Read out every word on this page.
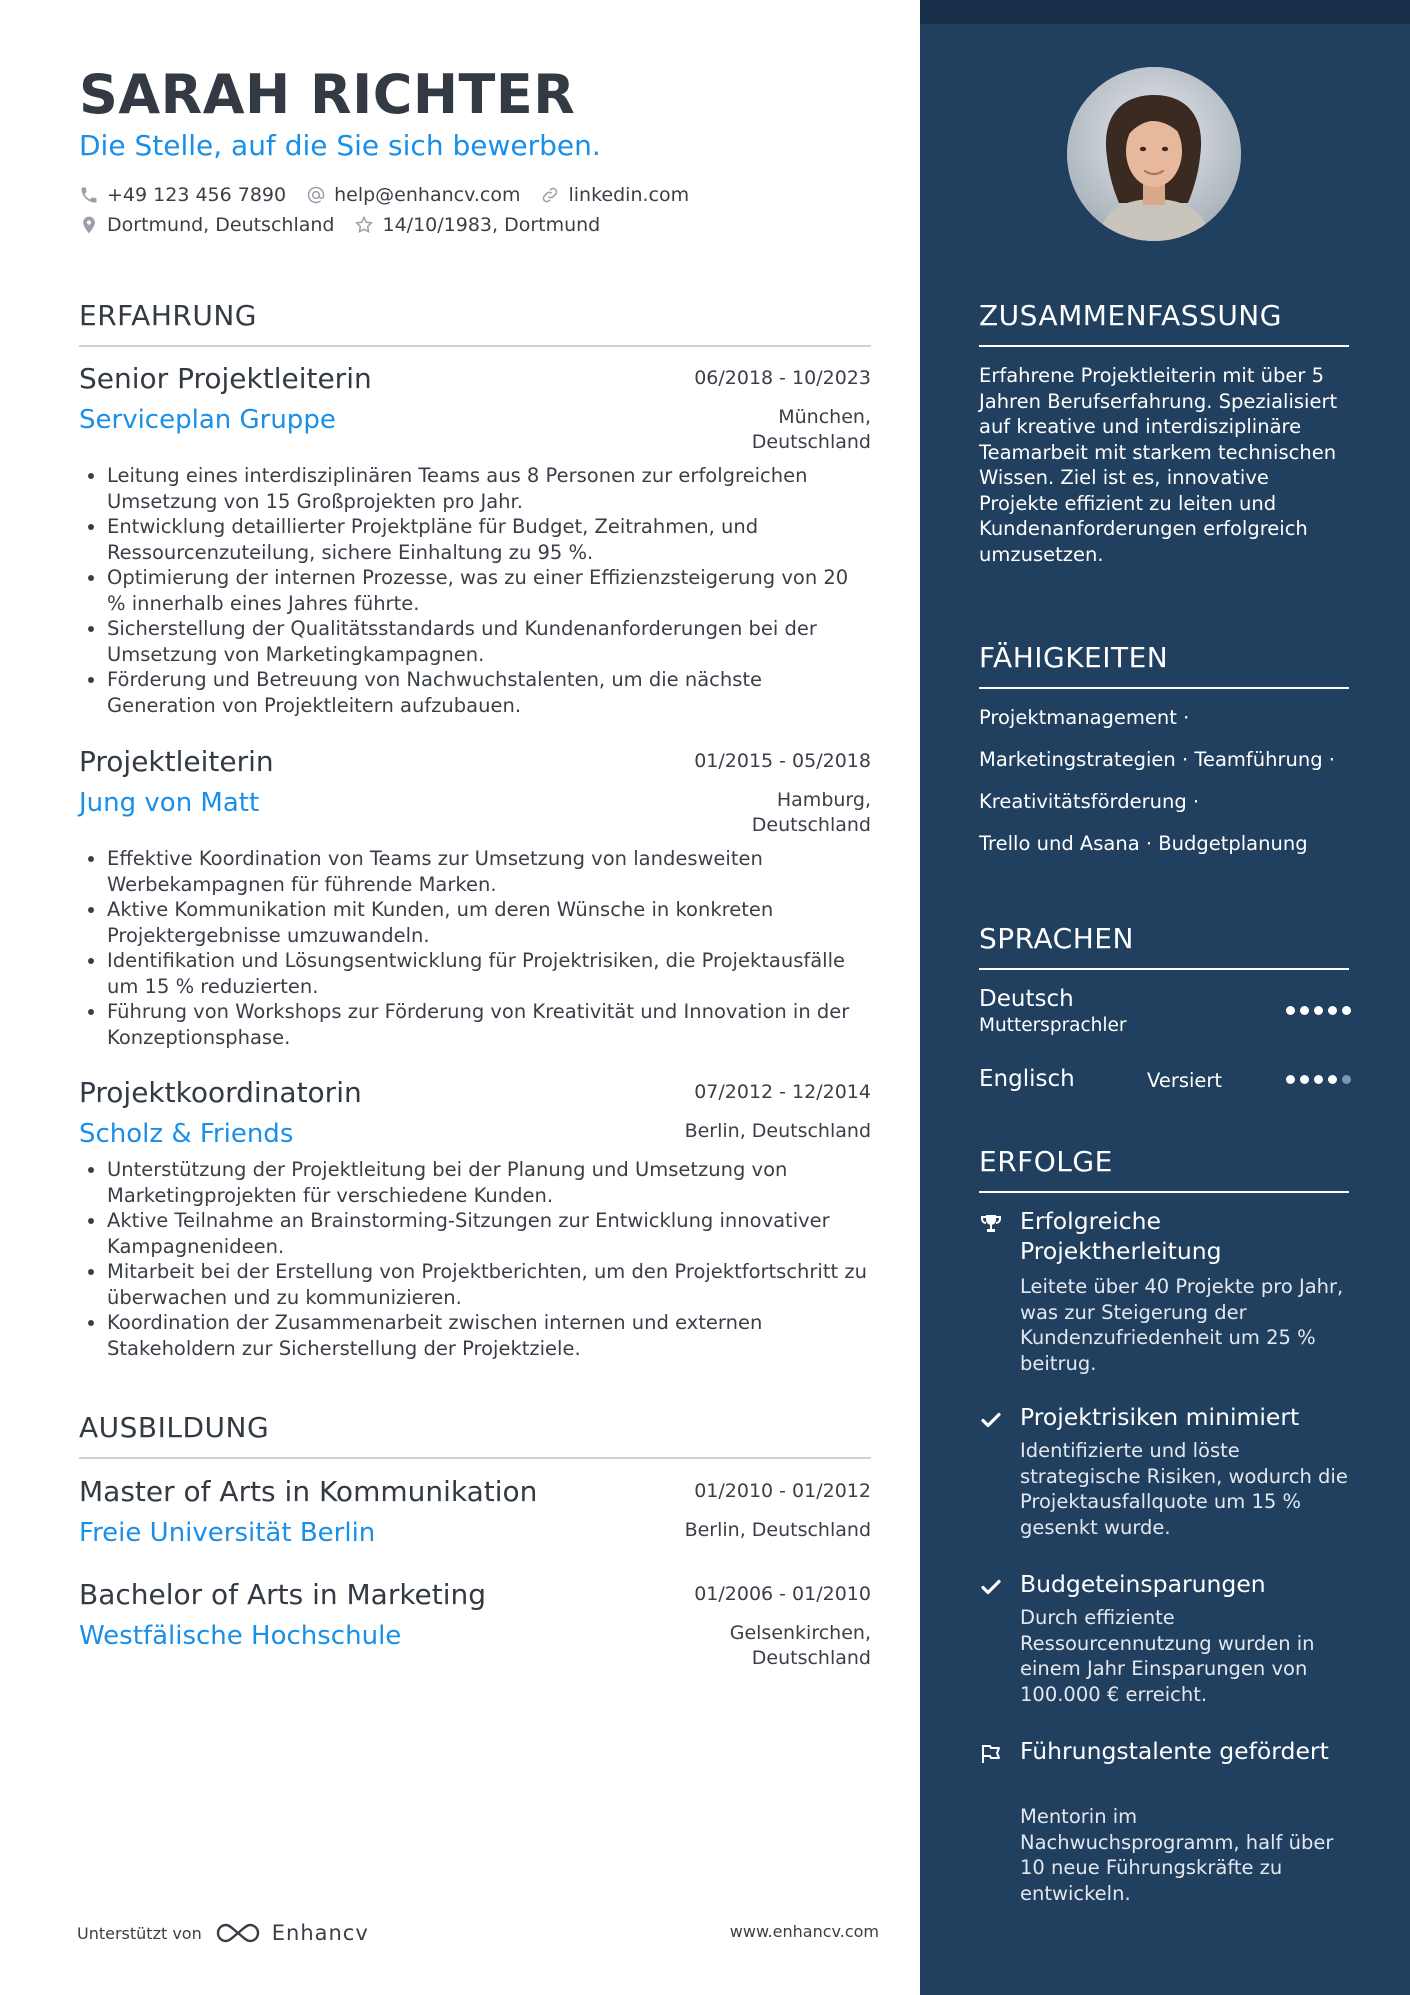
SARAH RICHTER
Die Stelle, auf die Sie sich bewerben.
+49 123 456 7890	help@enhancv.com	linkedin.com
Dortmund, Deutschland	14/10/1983, Dortmund
ERFAHRUNG
Senior Projektleiterin	06/2018 - 10/2023
Serviceplan Gruppe	München,
Deutschland
• Leitung eines interdisziplinären Teams aus 8 Personen zur erfolgreichen Umsetzung von 15 Großprojekten pro Jahr.
• Entwicklung detaillierter Projektpläne für Budget, Zeitrahmen, und Ressourcenzuteilung, sichere Einhaltung zu 95 %.
• Optimierung der internen Prozesse, was zu einer Effizienzsteigerung von 20 % innerhalb eines Jahres führte.
• Sicherstellung der Qualitätsstandards und Kundenanforderungen bei der Umsetzung von Marketingkampagnen.
• Förderung und Betreuung von Nachwuchstalenten, um die nächste Generation von Projektleitern aufzubauen.
Projektleiterin	01/2015 - 05/2018
Jung von Matt	Hamburg,
Deutschland
• Effektive Koordination von Teams zur Umsetzung von landesweiten Werbekampagnen für führende Marken.
• Aktive Kommunikation mit Kunden, um deren Wünsche in konkreten Projektergebnisse umzuwandeln.
• Identifikation und Lösungsentwicklung für Projektrisiken, die Projektausfälle um 15 % reduzierten.
• Führung von Workshops zur Förderung von Kreativität und Innovation in der Konzeptionsphase.
Projektkoordinatorin	07/2012 - 12/2014
Scholz & Friends	Berlin, Deutschland
• Unterstützung der Projektleitung bei der Planung und Umsetzung von Marketingprojekten für verschiedene Kunden.
• Aktive Teilnahme an Brainstorming-Sitzungen zur Entwicklung innovativer Kampagnenideen.
• Mitarbeit bei der Erstellung von Projektberichten, um den Projektfortschritt zu überwachen und zu kommunizieren.
• Koordination der Zusammenarbeit zwischen internen und externen Stakeholdern zur Sicherstellung der Projektziele.
AUSBILDUNG
Master of Arts in Kommunikation	01/2010 - 01/2012
Freie Universität Berlin	Berlin, Deutschland
Bachelor of Arts in Marketing	01/2006 - 01/2010
Westfälische Hochschule	Gelsenkirchen,
Deutschland
Unterstützt von	Enhancv	www.enhancv.com
ZUSAMMENFASSUNG
Erfahrene Projektleiterin mit über 5 Jahren Berufserfahrung. Spezialisiert auf kreative und interdisziplinäre Teamarbeit mit starkem technischen Wissen. Ziel ist es, innovative Projekte effizient zu leiten und Kundenanforderungen erfolgreich umzusetzen.
FÄHIGKEITEN
Projektmanagement ·
Marketingstrategien · Teamführung ·
Kreativitätsförderung ·
Trello und Asana · Budgetplanung
SPRACHEN
Deutsch
Muttersprachler
Englisch	Versiert
ERFOLGE
Erfolgreiche Projektherleitung
Leitete über 40 Projekte pro Jahr, was zur Steigerung der Kundenzufriedenheit um 25 % beitrug.
Projektrisiken minimiert
Identifizierte und löste strategische Risiken, wodurch die Projektausfallquote um 15 % gesenkt wurde.
Budgeteinsparungen
Durch effiziente Ressourcennutzung wurden in einem Jahr Einsparungen von 100.000 € erreicht.
Führungstalente gefördert
Mentorin im Nachwuchsprogramm, half über 10 neue Führungskräfte zu entwickeln.
